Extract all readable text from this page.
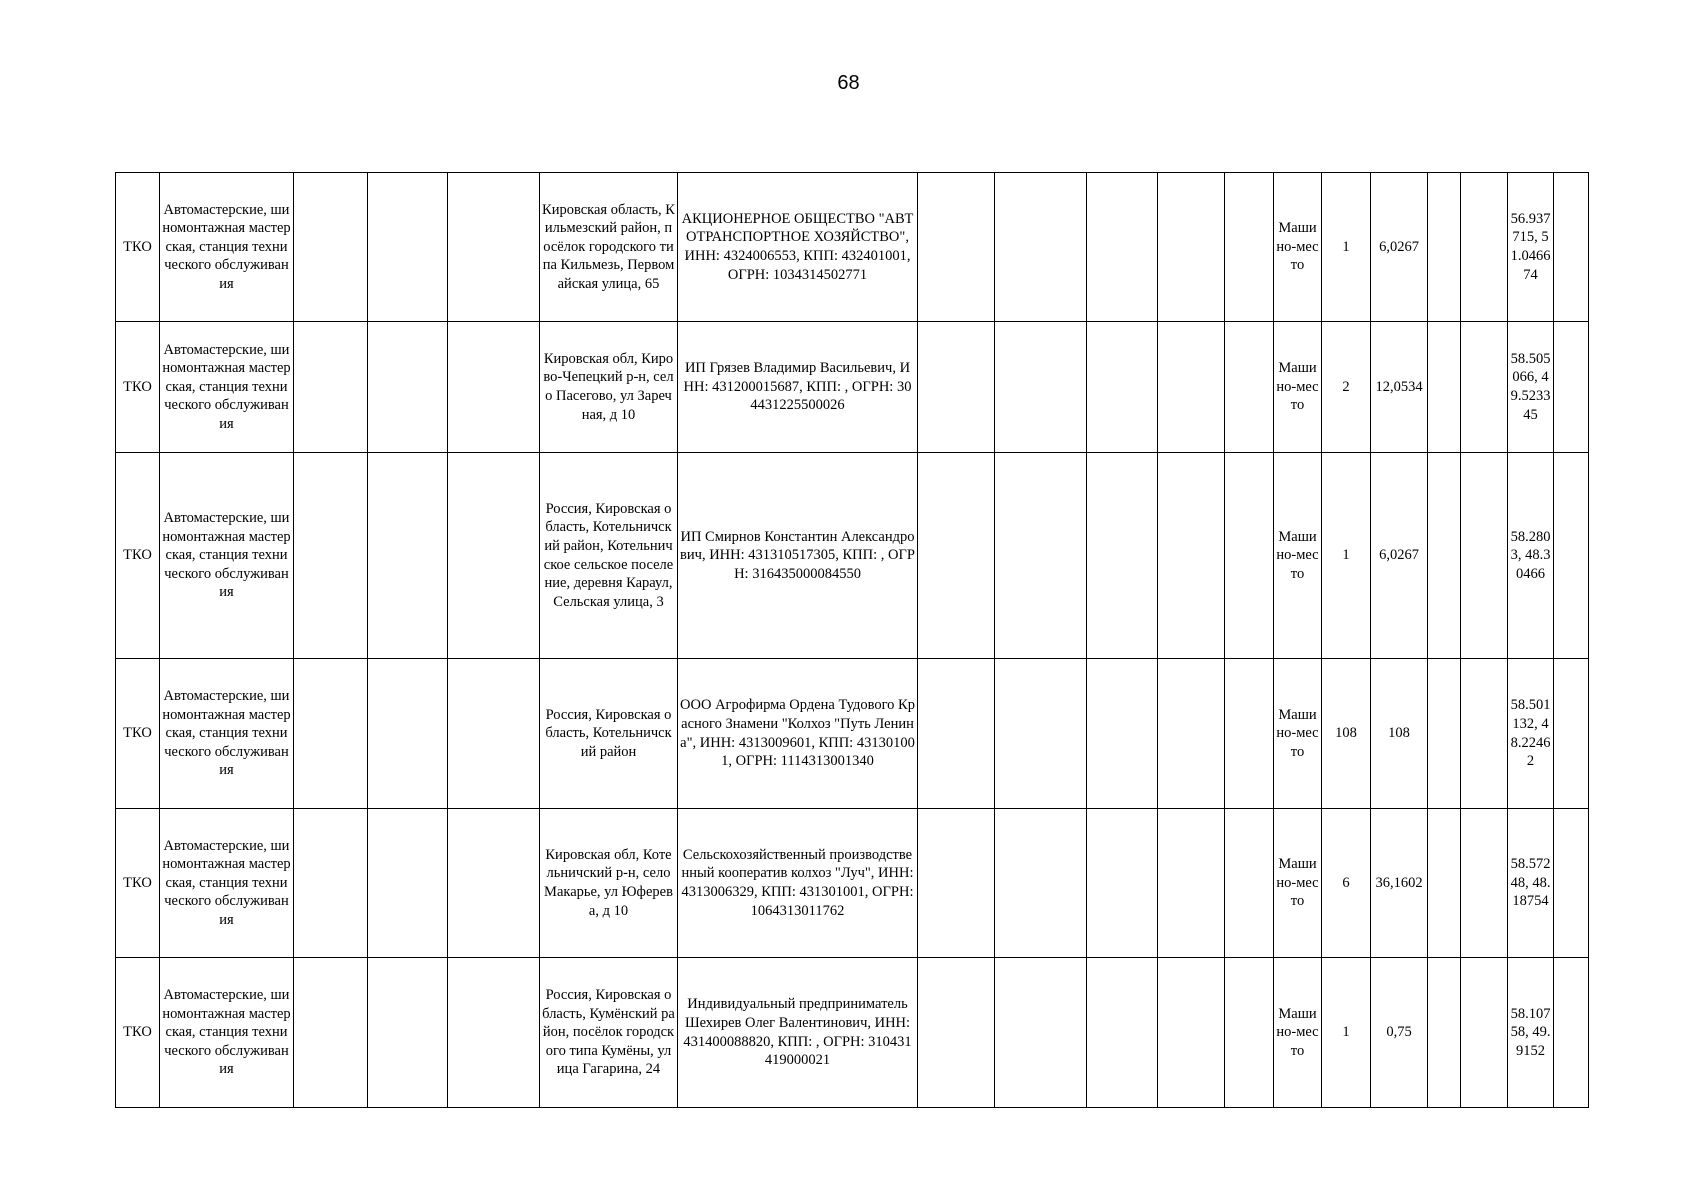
68
ТКО	Автомастерские, шиномонтажная мастерская, станция технического обслуживания				Кировская область, Кильмезский район, посёлок городского типа Кильмезь, Первомайская улица, 65	АКЦИОНЕРНОЕ ОБЩЕСТВО "АВТОТРАНСПОРТНОЕ ХОЗЯЙСТВО", ИНН: 4324006553, КПП: 432401001, ОГРН: 1034314502771						Машино-место	1	6,0267			56.937715, 51.046674	
ТКО	Автомастерские, шиномонтажная мастерская, станция технического обслуживания				Кировская обл, Кирово-Чепецкий р-н, село Пасегово, ул Заречная, д 10	ИП Грязев Владимир Васильевич, ИНН: 431200015687, КПП: , ОГРН: 304431225500026						Машино-место	2	12,0534			58.505066, 49.523345	
ТКО	Автомастерские, шиномонтажная мастерская, станция технического обслуживания				Россия, Кировская область, Котельничский район, Котельничское сельское поселение, деревня Караул, Сельская улица, 3	ИП Смирнов Константин Александрович, ИНН: 431310517305, КПП: , ОГРН: 316435000084550						Машино-место	1	6,0267			58.2803, 48.30466	
ТКО	Автомастерские, шиномонтажная мастерская, станция технического обслуживания				Россия, Кировская область, Котельничский район	ООО Агрофирма Ордена Тудового Красного Знамени "Колхоз "Путь Ленина", ИНН: 4313009601, КПП: 431301001, ОГРН: 1114313001340						Машино-место	108	108			58.501132, 48.22462	
ТКО	Автомастерские, шиномонтажная мастерская, станция технического обслуживания				Кировская обл, Котельничский р-н, село Макарье, ул Юферева, д 10	Сельскохозяйственный производственный кооператив колхоз "Луч", ИНН: 4313006329, КПП: 431301001, ОГРН: 1064313011762						Машино-место	6	36,1602			58.57248, 48.18754	
ТКО	Автомастерские, шиномонтажная мастерская, станция технического обслуживания				Россия, Кировская область, Кумёнский район, посёлок городского типа Кумёны, улица Гагарина, 24	Индивидуальный предприниматель Шехирев Олег Валентинович, ИНН: 431400088820, КПП: , ОГРН: 310431419000021						Машино-место	1	0,75			58.10758, 49.9152	
